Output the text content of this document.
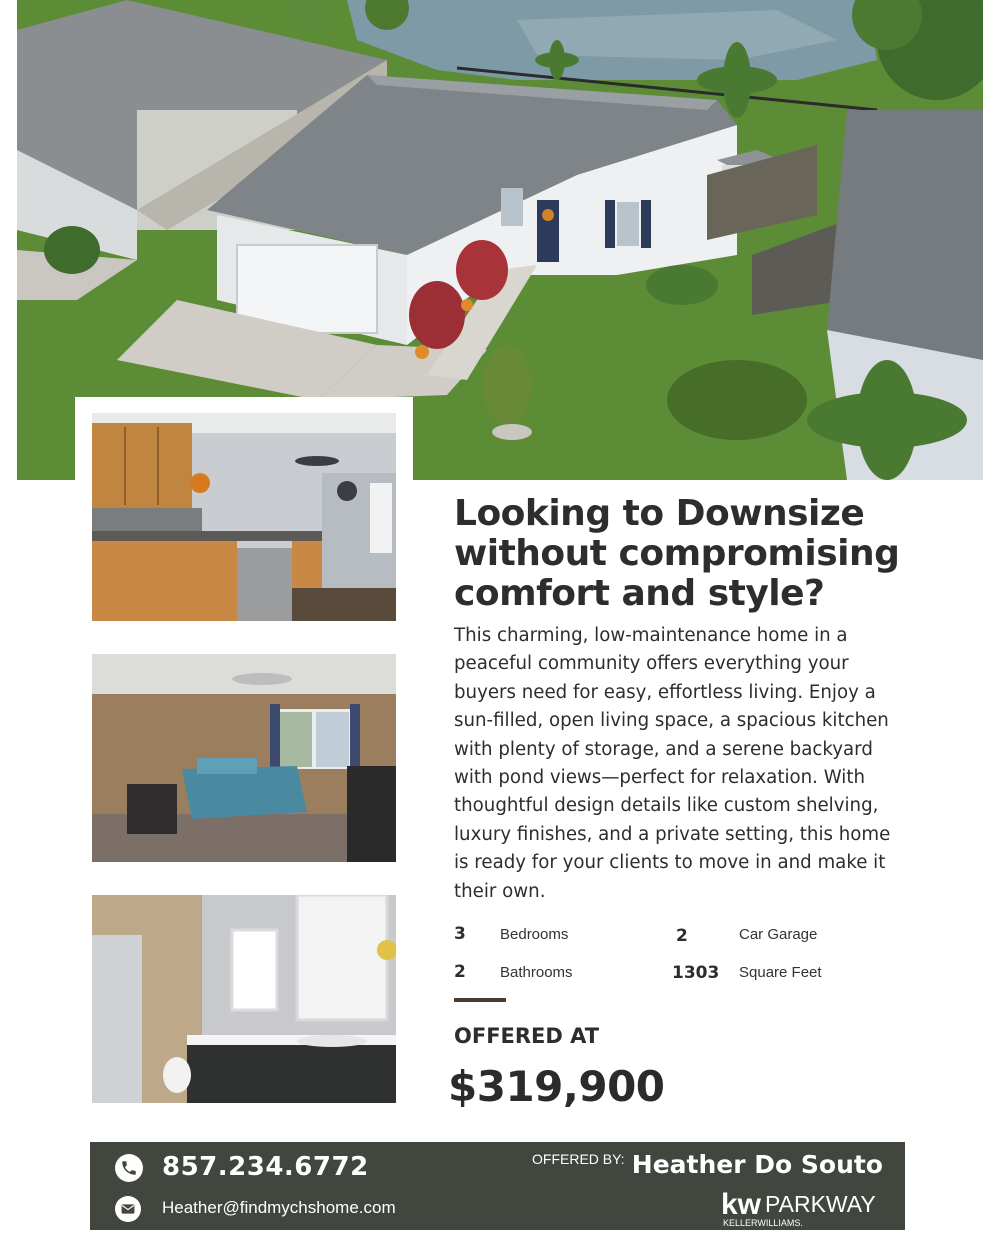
Looking to Downsize without compromising comfort and style?

This charming, low-maintenance home in a peaceful community offers everything your buyers need for easy, effortless living. Enjoy a sun-filled, open living space, a spacious kitchen with plenty of storage, and a serene backyard with pond views—perfect for relaxation. With thoughtful design details like custom shelving, luxury finishes, and a private setting, this home is ready for your clients to move in and make it their own.

3 Bedrooms	2	Car Garage
2 Bathrooms	1303 Square Feet
OFFERED AT
$319,900
857.234.6772
Heather@findmychshome.com
OFFERED BY: Heather Do Souto
kw PARKWAY
KELLERWILLIAMS.
